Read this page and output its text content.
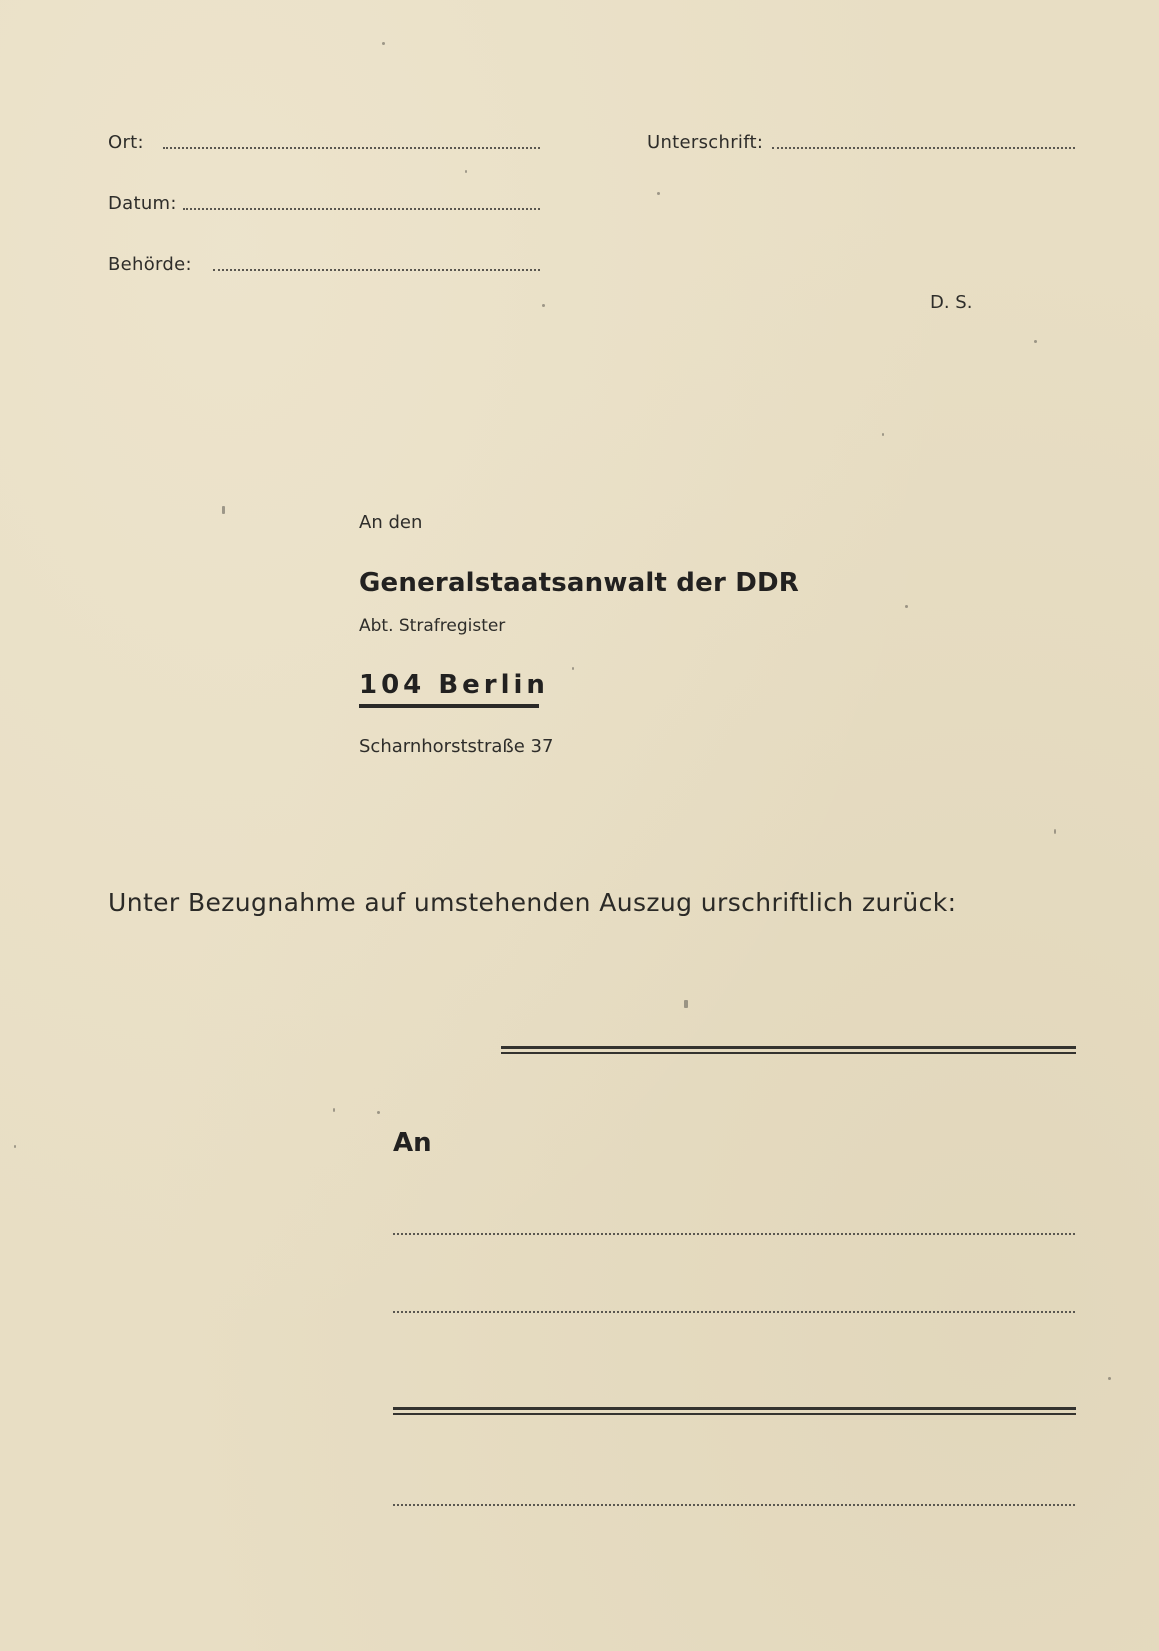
Ort:
Datum:
Behörde:
Unterschrift:
D. S.
An den
Generalstaatsanwalt der DDR
Abt. Strafregister
104 Berlin
Scharnhorststraße 37
Unter Bezugnahme auf umstehenden Auszug urschriftlich zurück:
An
